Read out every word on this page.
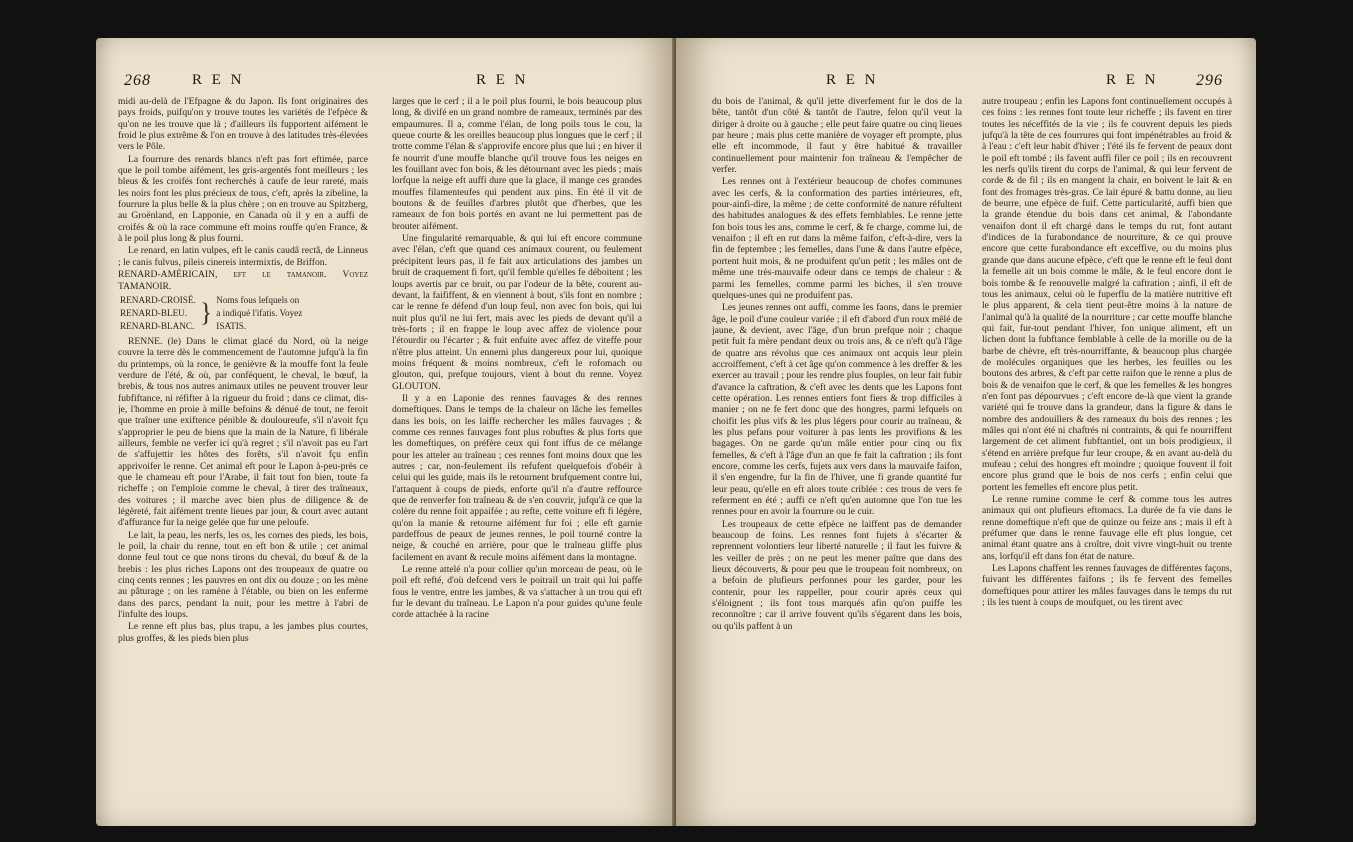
268	R E N	R E N

midi au-delà de l'Efpagne & du Japon. Ils font originaires des pays froids, puifqu'on y trouve toutes les variétés de l'efpèce & qu'on ne les trouve que là ; d'ailleurs ils fupportent aifément le froid le plus extrême & l'on en trouve à des latitudes très-élevées vers le Pôle.

La fourrure des renards blancs n'eft pas fort eftimée, parce que le poil tombe aifément, les gris-argentés font meilleurs ; les bleus & les croifés font recherchés à caufe de leur rareté, mais les noirs font les plus précieux de tous, c'eft, après la zibeline, la fourrure la plus belle & la plus chère ; on en trouve au Spitzberg, au Groënland, en Lapponie, en Canada où il y en a auffi de croifés & où la race commune eft moins rouffe qu'en France, & à le poil plus long & plus fourni.

Le renard, en latin vulpes, eft le canis caudâ rectâ, de Linneus ; le canis fulvus, pileis cinereis intermixtis, de Briffon.

RENARD-AMÉRICAIN, eft le tamanoir. Voyez TAMANOIR.

RENARD-CROISÉ.	}	Noms fous lefquels on
RENARD-BLEU.		a indiqué l'ifatis. Voyez
RENARD-BLANC.		ISATIS.

RENNE. (le) Dans le climat glacé du Nord, où la neige couvre la terre dès le commencement de l'automne jufqu'à la fin du printemps, où la ronce, le genièvre & la mouffe font la feule verdure de l'été, & où, par conféquent, le cheval, le bœuf, la brebis, & tous nos autres animaux utiles ne peuvent trouver leur fubfiftance, ni réfifter à la rigueur du froid ; dans ce climat, dis-je, l'homme en proie à mille befoins & dénué de tout, ne feroit que traîner une exiftence pénible & douloureufe, s'il n'avoit fçu s'approprier le peu de biens que la main de la Nature, fi libérale ailleurs, femble ne verfer ici qu'à regret ; s'il n'avoit pas eu l'art de s'affujettir les hôtes des forêts, s'il n'avoit fçu enfin apprivoifer le renne. Cet animal eft pour le Lapon à-peu-près ce que le chameau eft pour l'Arabe, il fait tout fon bien, toute fa richeffe ; on l'emploie comme le cheval, à tirer des traîneaux, des voitures ; il marche avec bien plus de diligence & de légèreté, fait aifément trente lieues par jour, & court avec autant d'affurance fur la neige gelée que fur une peloufe.

Le lait, la peau, les nerfs, les os, les cornes des pieds, les bois, le poil, la chair du renne, tout en eft bon & utile ; cet animal donne feul tout ce que nons tirons du cheval, du bœuf & de la brebis : les plus riches Lapons ont des troupeaux de quatre ou cinq cents rennes ; les pauvres en ont dix ou douze ; on les mène au pâturage ; on les ramène à l'étable, ou bien on les enferme dans des parcs, pendant la nuit, pour les mettre à l'abri de l'infulte des loups.

Le renne eft plus bas, plus trapu, a les jambes plus courtes, plus groffes, & les pieds bien plus

larges que le cerf ; il a le poil plus fourni, le bois beaucoup plus long, & divifé en un grand nombre de rameaux, terminés par des empaumures. Il a, comme l'élan, de long poils tous le cou, la queue courte & les oreilles beaucoup plus longues que le cerf ; il trotte comme l'élan & s'approvife encore plus que lui ; en hiver il fe nourrit d'une mouffe blanche qu'il trouve fous les neiges en les fouillant avec fon bois, & les détournant avec les pieds ; mais lorfque la neige eft auffi dure que la glace, il mange ces grandes mouffes filamenteufes qui pendent aux pins. En été il vit de boutons & de feuilles d'arbres plutôt que d'herbes, que les rameaux de fon bois portés en avant ne lui permettent pas de brouter aifément.

Une fingularité remarquable, & qui lui eft encore commune avec l'élan, c'eft que quand ces animaux courent, ou feulement précipitent leurs pas, il fe fait aux articulations des jambes un bruit de craquement fi fort, qu'il femble qu'elles fe déboitent ; les loups avertis par ce bruit, ou par l'odeur de la bête, courent au-devant, la faififfent, & en viennent à bout, s'ils font en nombre ; car le renne fe défend d'un loup feul, non avec fon bois, qui lui nuit plus qu'il ne lui fert, mais avec les pieds de devant qu'il a très-forts ; il en frappe le loup avec affez de violence pour l'étourdir ou l'écarter ; & fuit enfuite avec affez de viteffe pour n'être plus atteint. Un ennemi plus dangereux pour lui, quoique moins fréquent & moins nombreux, c'eft le rofomach ou glouton, qui, prefque toujours, vient à bout du renne. Voyez GLOUTON.

Il y a en Laponie des rennes fauvages & des rennes domeftiques. Dans le temps de la chaleur on lâche les femelles dans les bois, on les laiffe rechercher les mâles fauvages ; & comme ces rennes fauvages font plus robuftes & plus forts que les domeftiques, on préfère ceux qui font iffus de ce mélange pour les atteler au traîneau ; ces rennes font moins doux que les autres ; car, non-feulement ils refufent quelquefois d'obéir à celui qui les guide, mais ils le retournent brufquement contre lui, l'attaquent à coups de pieds, enforte qu'il n'a d'autre reffource que de renverfer fon traîneau & de s'en couvrir, jufqu'à ce que la colère du renne foit appaifée ; au refte, cette voiture eft fi légère, qu'on la manie & retourne aifément fur foi ; elle eft garnie pardeffous de peaux de jeunes rennes, le poil tourné contre la neige, & couché en arrière, pour que le traîneau gliffe plus facilement en avant & recule moins aifément dans la montagne.

Le renne attelé n'a pour collier qu'un morceau de peau, où le poil eft refté, d'où defcend vers le poitrail un trait qui lui paffe fous le ventre, entre les jambes, & va s'attacher à un trou qui eft fur le devant du traîneau. Le Lapon n'a pour guides qu'une feule corde attachée à la racine

R E N	R E N 296

du bois de l'animal, & qu'il jette diverfement fur le dos de la bête, tantôt d'un côté & tantôt de l'autre, felon qu'il veut la diriger à droite ou à gauche ; elle peut faire quatre ou cinq lieues par heure ; mais plus cette manière de voyager eft prompte, plus elle eft incommode, il faut y être habitué & travailler continuellement pour maintenir fon traîneau & l'empêcher de verfer.

Les rennes ont à l'extérieur beaucoup de chofes communes avec les cerfs, & la conformation des parties intérieures, eft, pour-ainfi-dire, la même ; de cette conformité de nature réfultent des habitudes analogues & des effets femblables. Le renne jette fon bois tous les ans, comme le cerf, & fe charge, comme lui, de venaifon ; il eft en rut dans la même faifon, c'eft-à-dire, vers la fin de feptembre ; les femelles, dans l'une & dans l'autre efpèce, portent huit mois, & ne produifent qu'un petit ; les mâles ont de même une très-mauvaife odeur dans ce temps de chaleur : & parmi les femelles, comme parmi les biches, il s'en trouve quelques-unes qui ne produifent pas.

Les jeunes rennes ont auffi, comme les faons, dans le premier âge, le poil d'une couleur variée ; il eft d'abord d'un roux mêlé de jaune, & devient, avec l'âge, d'un brun prefque noir ; chaque petit fuit fa mère pendant deux ou trois ans, & ce n'eft qu'à l'âge de quatre ans révolus que ces animaux ont acquis leur plein accroiffement, c'eft à cet âge qu'on commence à les dreffer & les exercer au travail ; pour les rendre plus fouples, on leur fait fubir d'avance la caftration, & c'eft avec les dents que les Lapons font cette opération. Les rennes entiers font fiers & trop difficiles à manier ; on ne fe fert donc que des hongres, parmi lefquels on choifit les plus vifs & les plus légers pour courir au traîneau, & les plus pefans pour voiturer à pas lents les provifions & les bagages. On ne garde qu'un mâle entier pour cinq ou fix femelles, & c'eft à l'âge d'un an que fe fait la caftration ; ils font encore, comme les cerfs, fujets aux vers dans la mauvaife faifon, il s'en engendre, fur la fin de l'hiver, une fi grande quantité fur leur peau, qu'elle en eft alors toute criblée : ces trous de vers fe referment en été ; auffi ce n'eft qu'en automne que l'on tue les rennes pour en avoir la fourrure ou le cuir.

Les troupeaux de cette efpèce ne laiffent pas de demander beaucoup de foins. Les rennes font fujets à s'écarter & reprennent volontiers leur liberté naturelle ; il faut les fuivre & les veiller de près ; on ne peut les mener paître que dans des lieux découverts, & pour peu que le troupeau foit nombreux, on a befoin de plufieurs perfonnes pour les garder, pour les contenir, pour les rappeller, pour courir après ceux qui s'éloignent ; ils font tous marqués afin qu'on puiffe les reconnoître ; car il arrive fouvent qu'ils s'égarent dans les bois, ou qu'ils paffent à un

autre troupeau ; enfin les Lapons font continuellement occupés à ces foins : les rennes font toute leur richeffe ; ils favent en tirer toutes les néceffités de la vie ; ils fe couvrent depuis les pieds jufqu'à la tête de ces fourrures qui font impénétrables au froid & à l'eau : c'eft leur habit d'hiver ; l'été ils fe fervent de peaux dont le poil eft tombé ; ils favent auffi filer ce poil ; ils en recouvrent les nerfs qu'ils tirent du corps de l'animal, & qui leur fervent de corde & de fil ; ils en mangent la chair, en boivent le lait & en font des fromages très-gras. Ce lait épuré & battu donne, au lieu de beurre, une efpèce de fuif. Cette particularité, auffi bien que la grande étendue du bois dans cet animal, & l'abondante venaifon dont il eft chargé dans le temps du rut, font autant d'indices de la furabondance de nourriture, & ce qui prouve encore que cette furabondance eft exceffive, ou du moins plus grande que dans aucune efpèce, c'eft que le renne eft le feul dont la femelle ait un bois comme le mâle, & le feul encore dont le bois tombe & fe renouvelle malgré la caftration ; ainfi, il eft de tous les animaux, celui où le fuperflu de la matière nutritive eft le plus apparent, & cela tient peut-être moins à la nature de l'animal qu'à la qualité de la nourriture ; car cette mouffe blanche qui fait, fur-tout pendant l'hiver, fon unique aliment, eft un lichen dont la fubftance femblable à celle de la morille ou de la barbe de chèvre, eft très-nourriffante, & beaucoup plus chargée de molécules organiques que les herbes, les feuilles ou les boutons des arbres, & c'eft par cette raifon que le renne a plus de bois & de venaifon que le cerf, & que les femelles & les hongres n'en font pas dépourvues ; c'eft encore de-là que vient la grande variété qui fe trouve dans la grandeur, dans la figure & dans le nombre des andouillers & des rameaux du bois des rennes ; les mâles qui n'ont été ni chaftrés ni contraints, & qui fe nourriffent largement de cet aliment fubftantiel, ont un bois prodigieux, il s'étend en arrière prefque fur leur croupe, & en avant au-delà du mufeau ; celui des hongres eft moindre ; quoique fouvent il foit encore plus grand que le bois de nos cerfs ; enfin celui que portent les femelles eft encore plus petit.

Le renne rumine comme le cerf & comme tous les autres animaux qui ont plufieurs eftomacs. La durée de fa vie dans le renne domeftique n'eft que de quinze ou feize ans ; mais il eft à préfumer que dans le renne fauvage elle eft plus longue, cet animal étant quatre ans à croître, doit vivre vingt-huit ou trente ans, lorfqu'il eft dans fon état de nature.

Les Lapons chaffent les rennes fauvages de différentes façons, fuivant les différentes faifons ; ils fe fervent des femelles domeftiques pour attirer les mâles fauvages dans le temps du rut ; ils les tuent à coups de moufquet, ou les tirent avec
